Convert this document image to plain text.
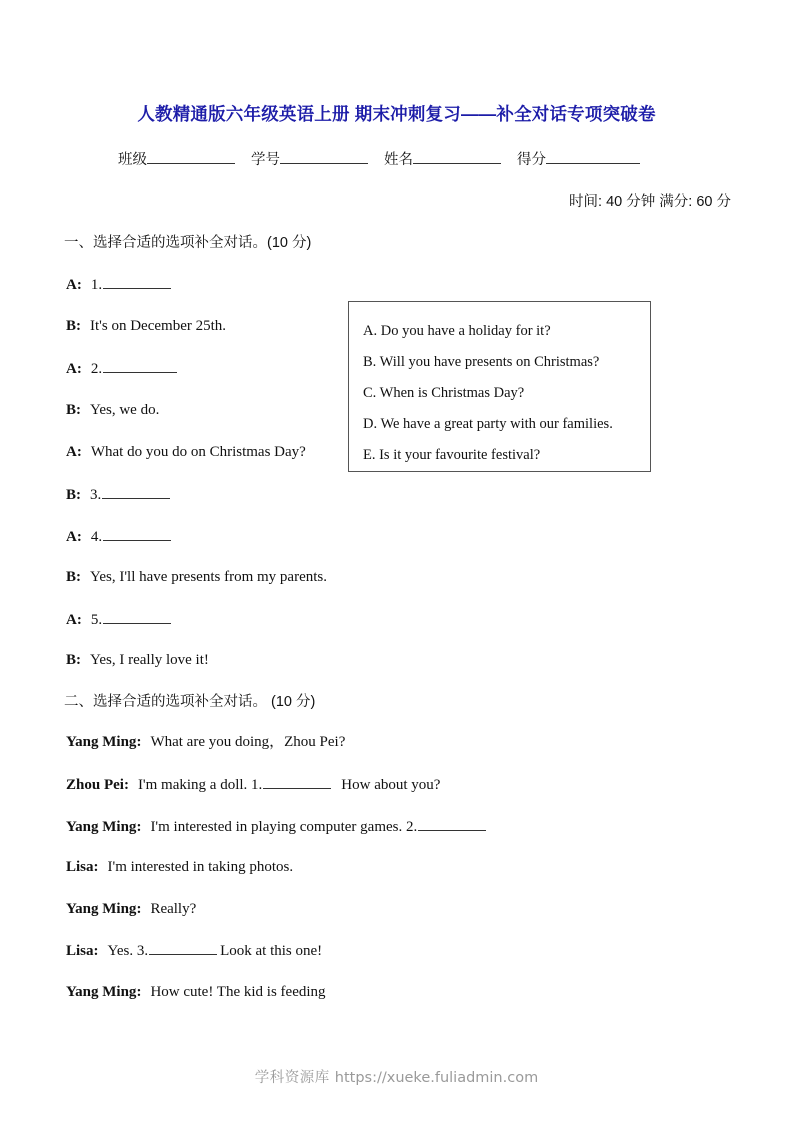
人教精通版六年级英语上册 期末冲刺复习——补全对话专项突破卷
班级	学号	姓名	得分
时间: 40 分钟 满分: 60 分
一、选择合适的选项补全对话。(10 分)
A: 1.
B: It's on December 25th.
A: 2.
B: Yes, we do.
A: What do you do on Christmas Day?
B: 3.
A: 4.
B: Yes, I'll have presents from my parents.
A: 5.
B: Yes, I really love it!
A. Do you have a holiday for it?
B. Will you have presents on Christmas?
C. When is Christmas Day?
D. We have a great party with our families.
E. Is it your favourite festival?
二、选择合适的选项补全对话。 (10 分)
Yang Ming: What are you doing，Zhou Pei?
Zhou Pei: I'm making a doll. 1.	How about you?
Yang Ming: I'm interested in playing computer games. 2.
Lisa: I'm interested in taking photos.
Yang Ming: Really?
Lisa: Yes. 3.	Look at this one!
Yang Ming: How cute! The kid is feeding
学科资源库 https://xueke.fuliadmin.com
